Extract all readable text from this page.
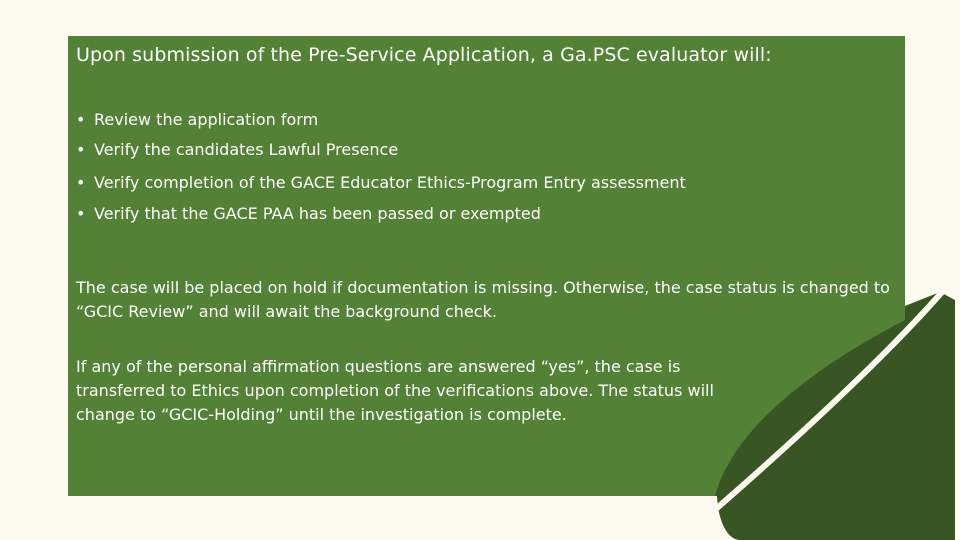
Upon submission of the Pre-Service Application, a Ga.PSC evaluator will:
• Review the application form
• Verify the candidates Lawful Presence
• Verify completion of the GACE Educator Ethics-Program Entry assessment
• Verify that the GACE PAA has been passed or exempted
The case will be placed on hold if documentation is missing. Otherwise, the case status is changed to
“GCIC Review” and will await the background check.
If any of the personal affirmation questions are answered “yes”, the case is
transferred to Ethics upon completion of the verifications above. The status will
change to “GCIC-Holding” until the investigation is complete.
